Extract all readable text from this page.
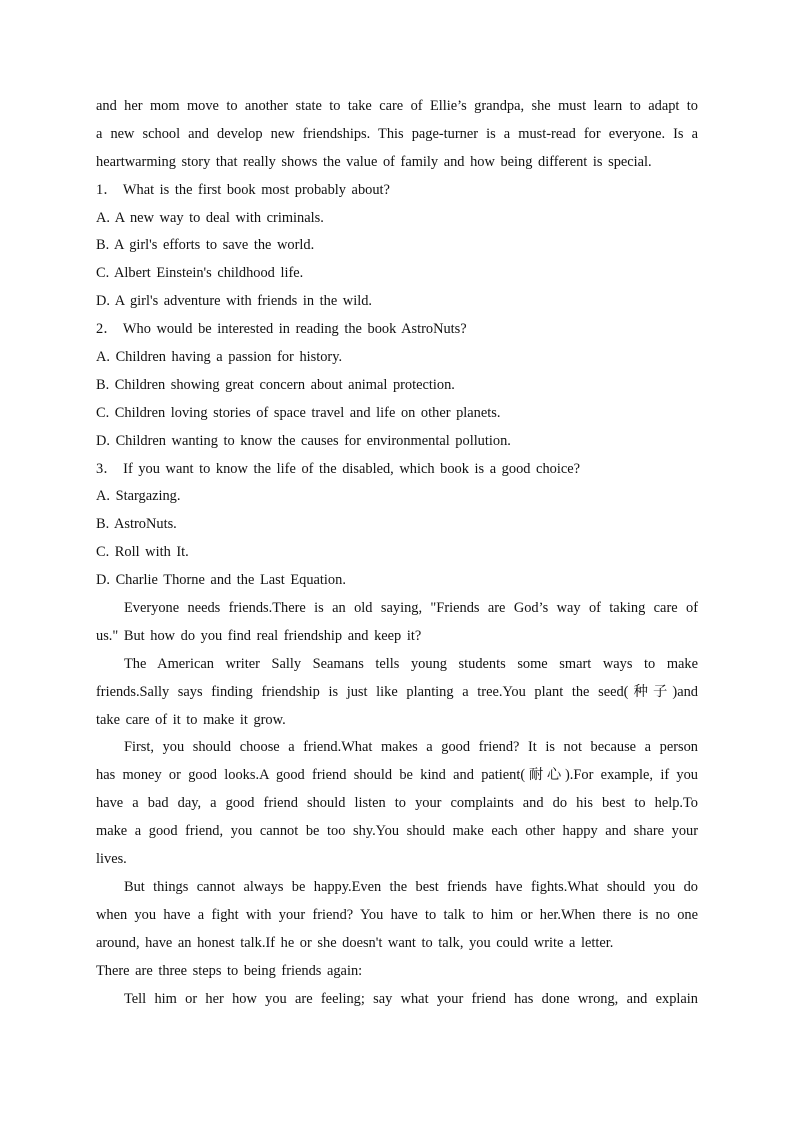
and her mom move to another state to take care of Ellie’s grandpa, she must learn to adapt to
a new school and develop new friendships. This page-turner is a must-read for everyone. Is a
heartwarming story that really shows the value of family and how being different is special.
1． What is the first book most probably about?
A. A new way to deal with criminals.
B. A girl's efforts to save the world.
C. Albert Einstein's childhood life.
D. A girl's adventure with friends in the wild.
2． Who would be interested in reading the book AstroNuts?
A. Children having a passion for history.
B. Children showing great concern about animal protection.
C. Children loving stories of space travel and life on other planets.
D. Children wanting to know the causes for environmental pollution.
3． If you want to know the life of the disabled, which book is a good choice?
A. Stargazing.
B. AstroNuts.
C. Roll with It.
D. Charlie Thorne and the Last Equation.
Everyone needs friends.There is an old saying, "Friends are God’s way of taking care of
us." But how do you find real friendship and keep it?
The American writer Sally Seamans tells young students some smart ways to make
friends.Sally says finding friendship is just like planting a tree.You plant the seed(种子)and
take care of it to make it grow.
First, you should choose a friend.What makes a good friend? It is not because a person
has money or good looks.A good friend should be kind and patient(耐心).For example, if you
have a bad day, a good friend should listen to your complaints and do his best to help.To
make a good friend, you cannot be too shy.You should make each other happy and share your
lives.
But things cannot always be happy.Even the best friends have fights.What should you do
when you have a fight with your friend? You have to talk to him or her.When there is no one
around, have an honest talk.If he or she doesn't want to talk, you could write a letter.
There are three steps to being friends again:
Tell him or her how you are feeling; say what your friend has done wrong, and explain
